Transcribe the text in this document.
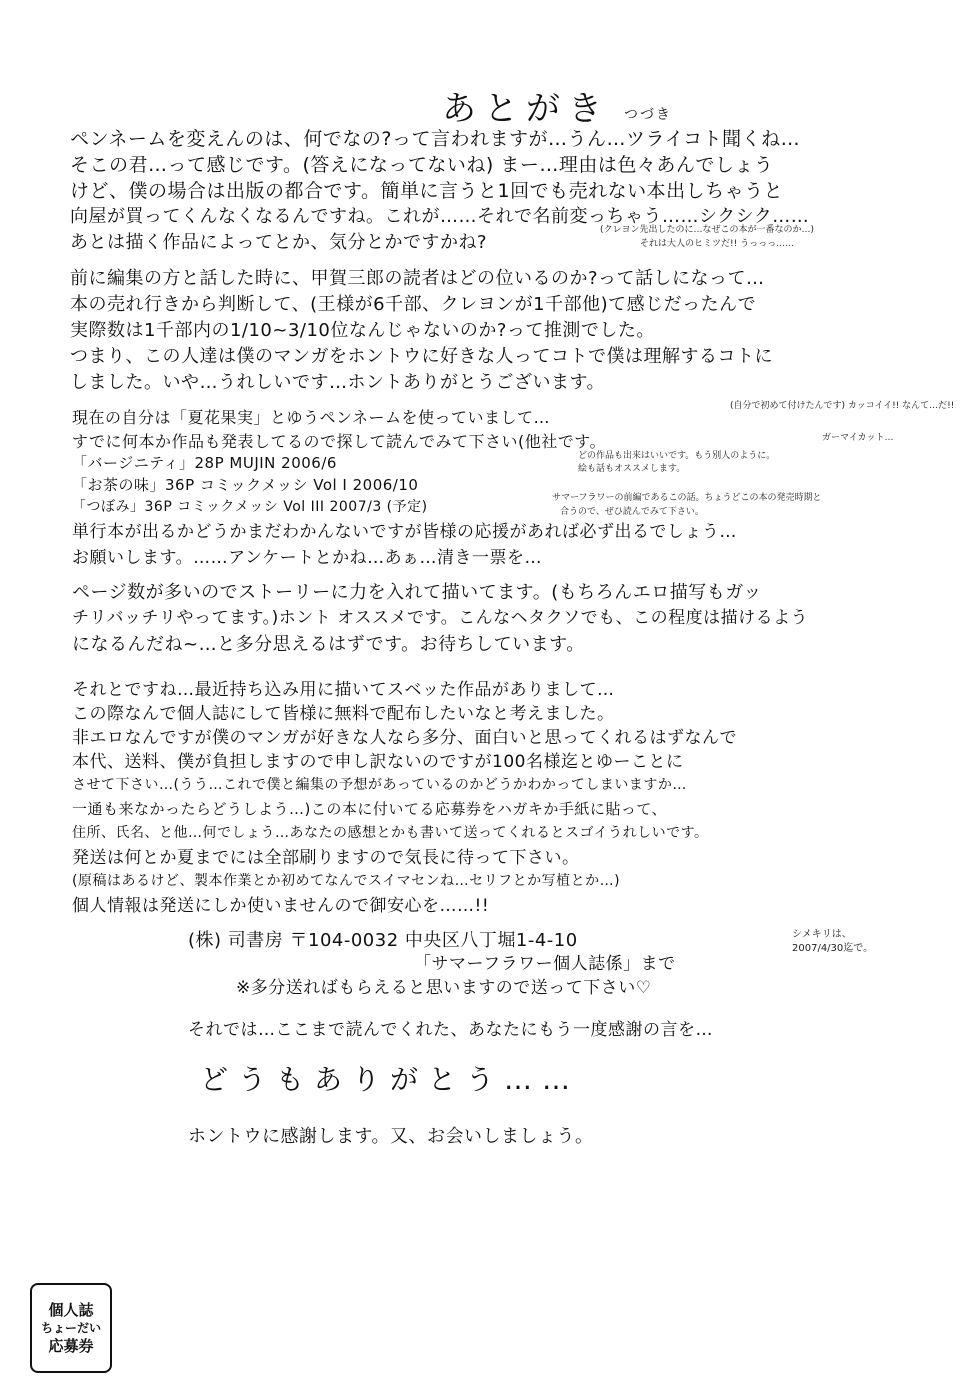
あとがき つづき
ペンネームを変えんのは、何でなの?って言われますが…うん…ツライコト聞くね…
そこの君…って感じです。(答えになってないね) まー…理由は色々あんでしょう
けど、僕の場合は出版の都合です。簡単に言うと1回でも売れない本出しちゃうと
向屋が買ってくんなくなるんですね。これが……それで名前変っちゃう……シクシク……
あとは描く作品によってとか、気分とかですかね?
(クレヨン先出したのに…なぜこの本が一番なのか…)
それは大人のヒミツだ!! うっっっ……
前に編集の方と話した時に、甲賀三郎の読者はどの位いるのか?って話しになって…
本の売れ行きから判断して、(王様が6千部、クレヨンが1千部他)て感じだったんで
実際数は1千部内の1/10~3/10位なんじゃないのか?って推測でした。
つまり、この人達は僕のマンガをホントウに好きな人ってコトで僕は理解するコトに
しました。いや…うれしいです…ホントありがとうございます。
現在の自分は「夏花果実」とゆうペンネームを使っていまして…
(自分で初めて付けたんです) カッコイイ!! なんて…だ!!
すでに何本か作品も発表してるので探して読んでみて下さい(他社です。	ガーマイカット…
どの作品も出来はいいです。もう別人のように。
絵も話もオススメします。
「バージニティ」28P MUJIN 2006/6
「お茶の味」36P コミックメッシ Vol I 2006/10
「つぼみ」36P コミックメッシ Vol III 2007/3 (予定)
サマーフラワーの前編であるこの話。ちょうどこの本の発売時期と
合うので、ぜひ読んでみて下さい。
単行本が出るかどうかまだわかんないですが皆様の応援があれば必ず出るでしょう…
お願いします。……アンケートとかね…あぁ…清き一票を…
ページ数が多いのでストーリーに力を入れて描いてます。(もちろんエロ描写もガッ
チリバッチリやってます。)ホント オススメです。こんなヘタクソでも、この程度は描けるよう
になるんだね~…と多分思えるはずです。お待ちしています。
それとですね…最近持ち込み用に描いてスベッた作品がありまして…
この際なんで個人誌にして皆様に無料で配布したいなと考えました。
非エロなんですが僕のマンガが好きな人なら多分、面白いと思ってくれるはずなんで
本代、送料、僕が負担しますので申し訳ないのですが100名様迄とゆーことに
させて下さい…(うう…これで僕と編集の予想があっているのかどうかわかってしまいますか…
一通も来なかったらどうしよう…)この本に付いてる応募券をハガキか手紙に貼って、
住所、氏名、と他…何でしょう…あなたの感想とかも書いて送ってくれるとスゴイうれしいです。
発送は何とか夏までには全部刷りますので気長に待って下さい。
(原稿はあるけど、製本作業とか初めてなんでスイマセンね…セリフとか写植とか…)
個人情報は発送にしか使いませんので御安心を……!!
(株) 司書房 〒104-0032 中央区八丁堀1-4-10
「サマーフラワー個人誌係」まで
※多分送ればもらえると思いますので送って下さい♡
シメキリは、
2007/4/30迄で。
それでは…ここまで読んでくれた、あなたにもう一度感謝の言を…
どうもありがとう……
ホントウに感謝します。又、お会いしましょう。
個人誌
ちょーだい
応募券
